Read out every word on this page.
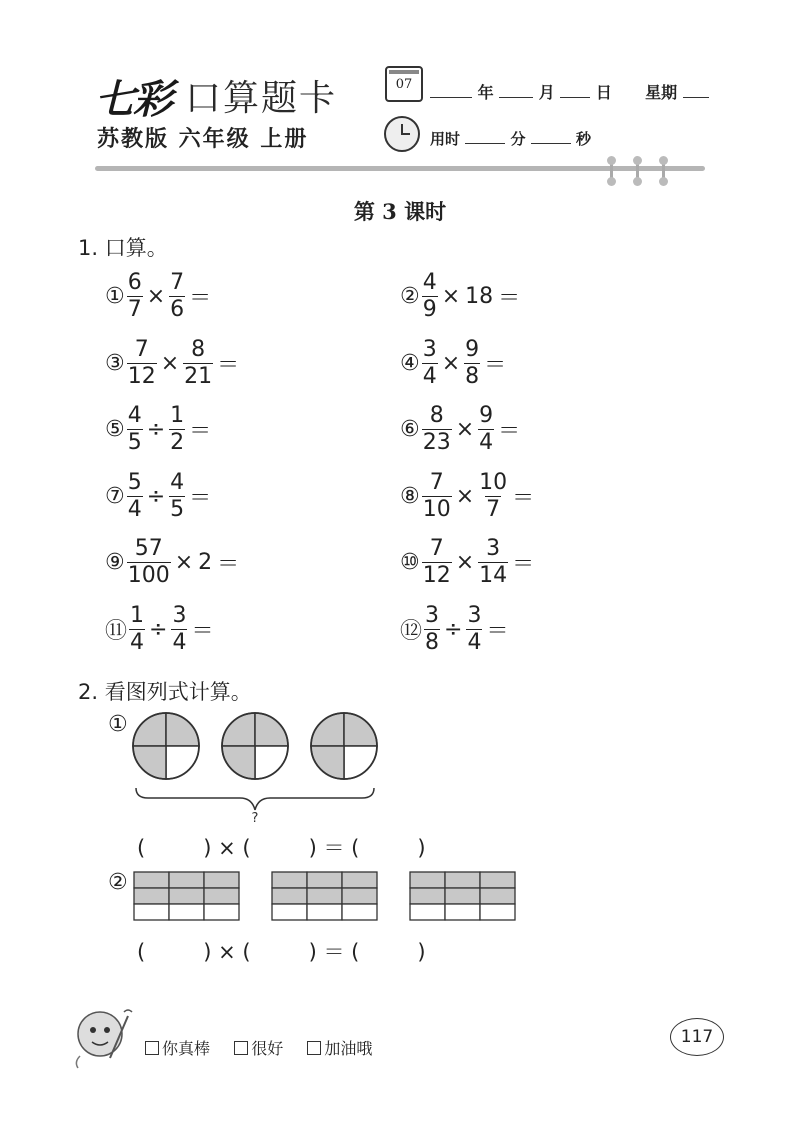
七彩 口算题卡
苏教版 六年级 上册
07	年	月	日 星期
用时	分	秒
第 3 课时
1. 口算。
① $\frac{6}{7} \times \frac{7}{6}$ ＝	② $\frac{4}{9} \times 18$ ＝
③ $\frac{7}{12} \times \frac{8}{21}$ ＝	④ $\frac{3}{4} \times \frac{9}{8}$ ＝
⑤ $\frac{4}{5} \div \frac{1}{2}$ ＝	⑥ $\frac{8}{23} \times \frac{9}{4}$ ＝
⑦ $\frac{5}{4} \div \frac{4}{5}$ ＝	⑧ $\frac{7}{10} \times \frac{10}{7}$ ＝
⑨ $\frac{57}{100} \times 2$ ＝	⑩ $\frac{7}{12} \times \frac{3}{14}$ ＝
⑪ $\frac{1}{4} \div \frac{3}{4}$ ＝	⑫ $\frac{3}{8} \div \frac{3}{4}$ ＝
2. 看图列式计算。
①
?
(	) × (	) ＝ (	)
②
(	) × (	) ＝ (	)
你真棒	很好	加油哦
117
